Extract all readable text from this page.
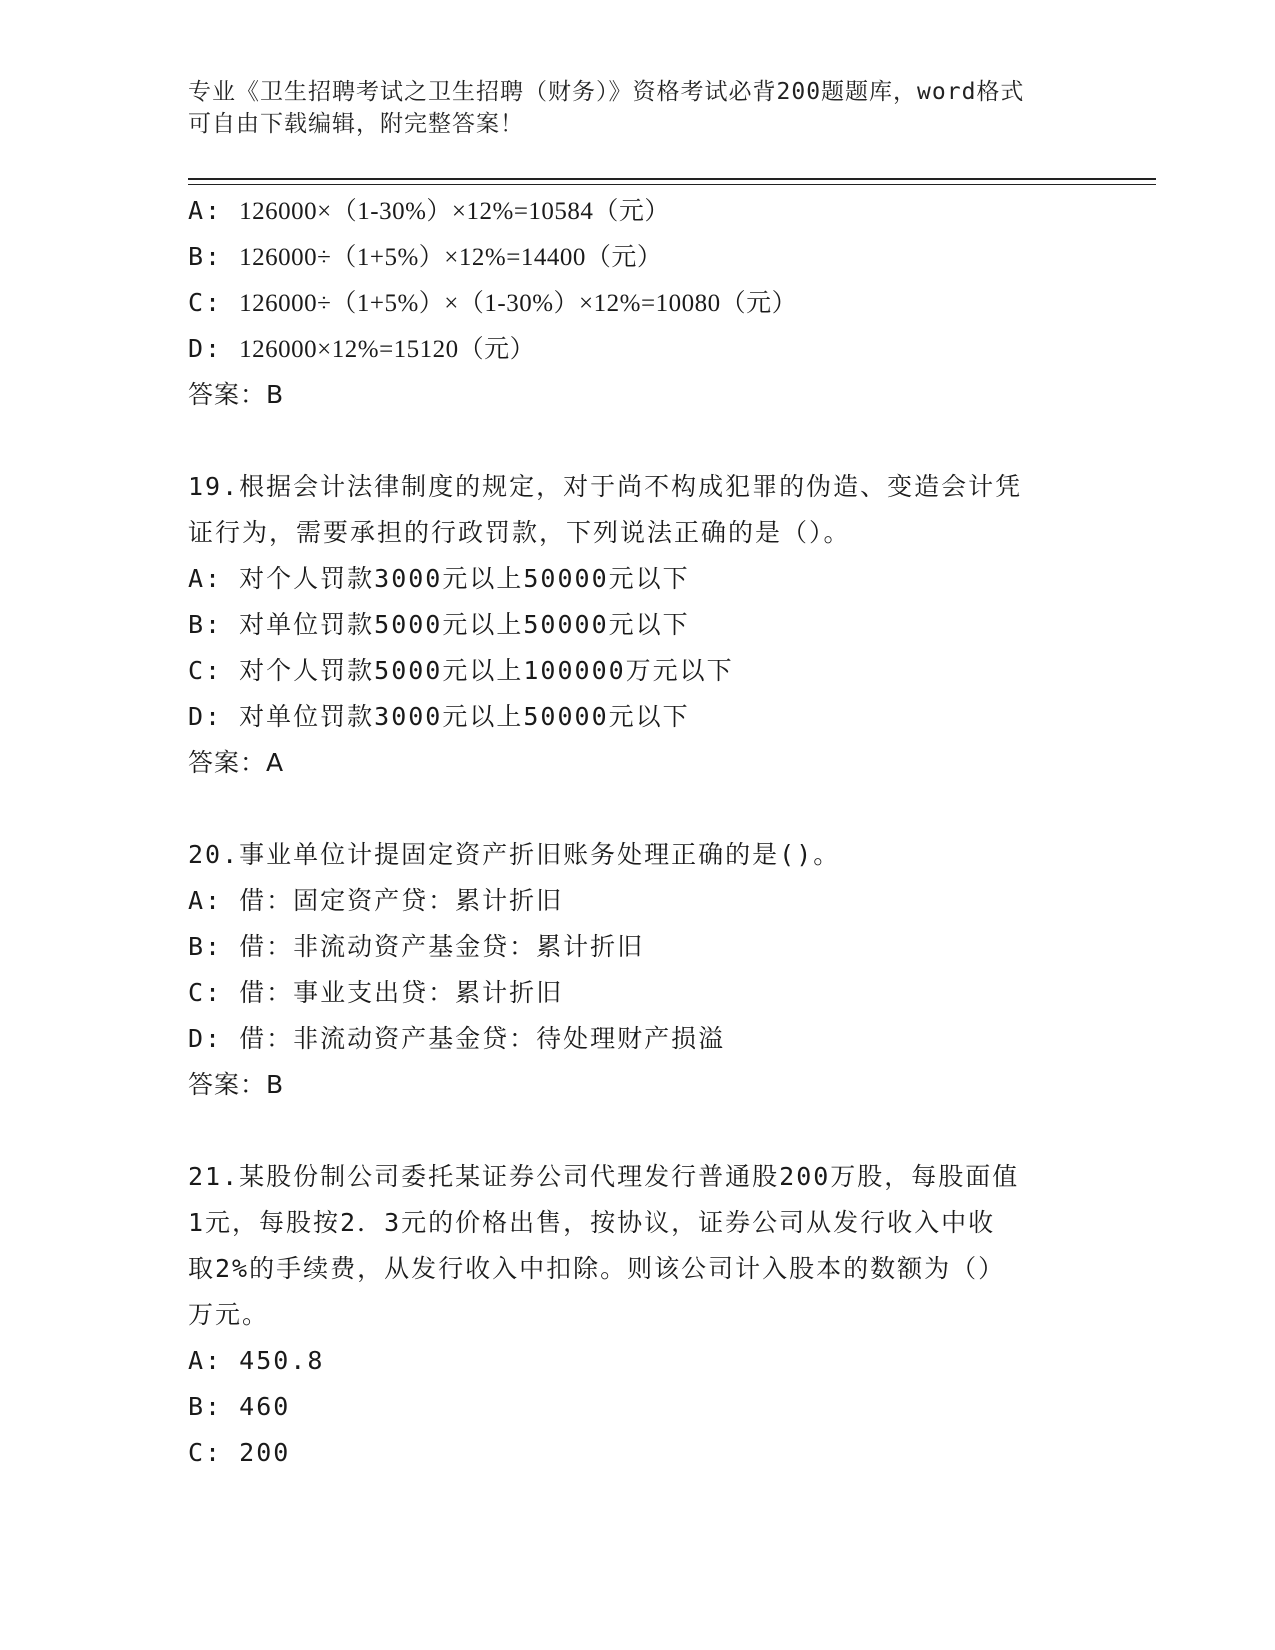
专业《卫生招聘考试之卫生招聘（财务）》资格考试必背200题题库，word格式
可自由下载编辑，附完整答案！
A: 126000×（1-30%）×12%=10584（元）
B: 126000÷（1+5%）×12%=14400（元）
C: 126000÷（1+5%）×（1-30%）×12%=10080（元）
D: 126000×12%=15120（元）
答案：B
19.根据会计法律制度的规定，对于尚不构成犯罪的伪造、变造会计凭
证行为，需要承担的行政罚款，下列说法正确的是（）。
A: 对个人罚款3000元以上50000元以下
B: 对单位罚款5000元以上50000元以下
C: 对个人罚款5000元以上100000万元以下
D: 对单位罚款3000元以上50000元以下
答案：A
20.事业单位计提固定资产折旧账务处理正确的是()。
A: 借：固定资产贷：累计折旧
B: 借：非流动资产基金贷：累计折旧
C: 借：事业支出贷：累计折旧
D: 借：非流动资产基金贷：待处理财产损溢
答案：B
21.某股份制公司委托某证券公司代理发行普通股200万股，每股面值
1元，每股按2．3元的价格出售，按协议，证券公司从发行收入中收
取2%的手续费，从发行收入中扣除。则该公司计入股本的数额为（）
万元。
A: 450.8
B: 460
C: 200
